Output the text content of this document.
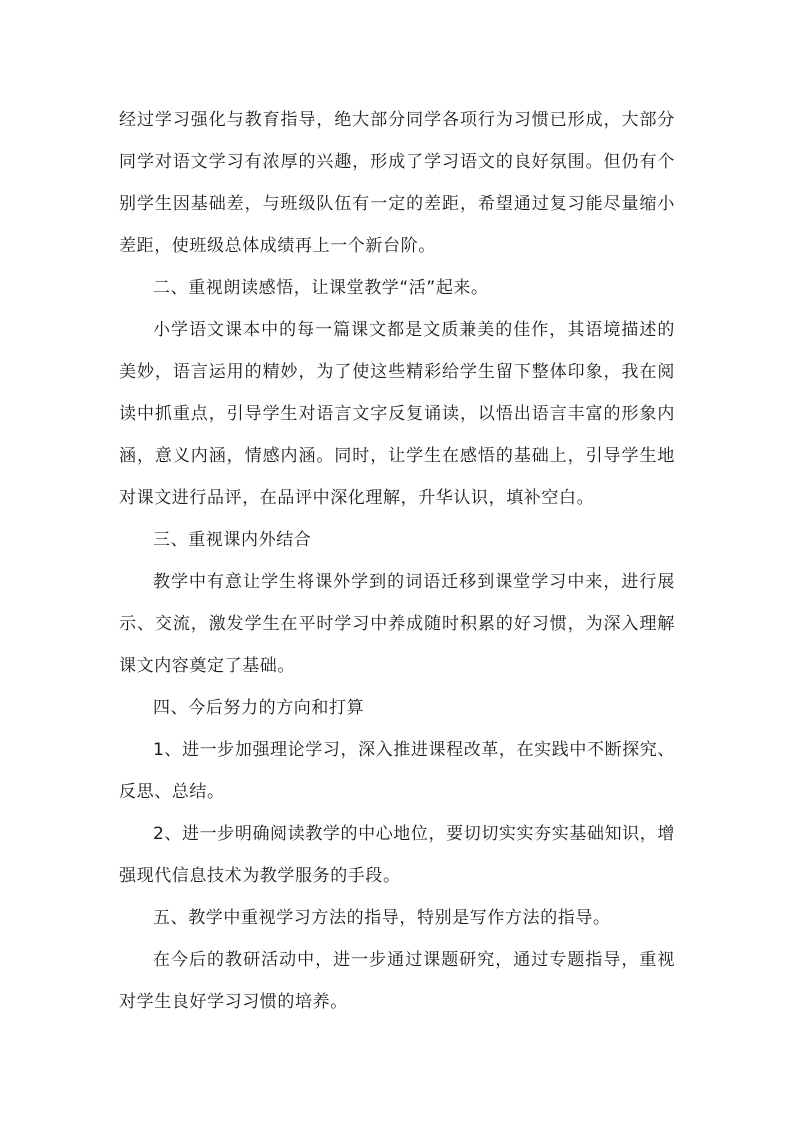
经过学习强化与教育指导，绝大部分同学各项行为习惯已形成，大部分
同学对语文学习有浓厚的兴趣，形成了学习语文的良好氛围。但仍有个
别学生因基础差，与班级队伍有一定的差距，希望通过复习能尽量缩小
差距，使班级总体成绩再上一个新台阶。

二、重视朗读感悟，让课堂教学“活”起来。

小学语文课本中的每一篇课文都是文质兼美的佳作，其语境描述的
美妙，语言运用的精妙，为了使这些精彩给学生留下整体印象，我在阅
读中抓重点，引导学生对语言文字反复诵读，以悟出语言丰富的形象内
涵，意义内涵，情感内涵。同时，让学生在感悟的基础上，引导学生地
对课文进行品评，在品评中深化理解，升华认识，填补空白。

三、重视课内外结合

教学中有意让学生将课外学到的词语迁移到课堂学习中来，进行展
示、交流，激发学生在平时学习中养成随时积累的好习惯，为深入理解
课文内容奠定了基础。

四、今后努力的方向和打算

1、进一步加强理论学习，深入推进课程改革，在实践中不断探究、
反思、总结。

2、进一步明确阅读教学的中心地位，要切切实实夯实基础知识，增
强现代信息技术为教学服务的手段。

五、教学中重视学习方法的指导，特别是写作方法的指导。

在今后的教研活动中，进一步通过课题研究，通过专题指导，重视
对学生良好学习习惯的培养。
